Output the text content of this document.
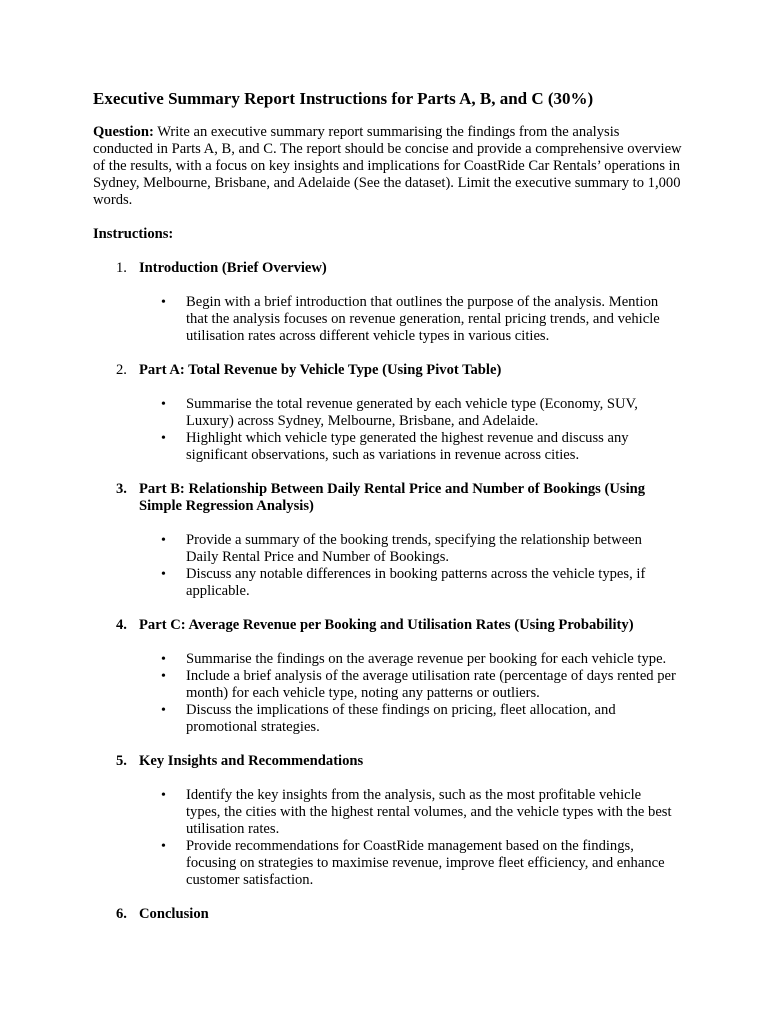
Executive Summary Report Instructions for Parts A, B, and C (30%)

Question: Write an executive summary report summarising the findings from the analysis conducted in Parts A, B, and C. The report should be concise and provide a comprehensive overview of the results, with a focus on key insights and implications for CoastRide Car Rentals’ operations in Sydney, Melbourne, Brisbane, and Adelaide (See the dataset). Limit the executive summary to 1,000 words.

Instructions:
1. Introduction (Brief Overview)
• Begin with a brief introduction that outlines the purpose of the analysis. Mention that the analysis focuses on revenue generation, rental pricing trends, and vehicle utilisation rates across different vehicle types in various cities.
2. Part A: Total Revenue by Vehicle Type (Using Pivot Table)
• Summarise the total revenue generated by each vehicle type (Economy, SUV, Luxury) across Sydney, Melbourne, Brisbane, and Adelaide.
• Highlight which vehicle type generated the highest revenue and discuss any significant observations, such as variations in revenue across cities.
3. Part B: Relationship Between Daily Rental Price and Number of Bookings (Using Simple Regression Analysis)
• Provide a summary of the booking trends, specifying the relationship between Daily Rental Price and Number of Bookings.
• Discuss any notable differences in booking patterns across the vehicle types, if applicable.
4. Part C: Average Revenue per Booking and Utilisation Rates (Using Probability)
• Summarise the findings on the average revenue per booking for each vehicle type.
• Include a brief analysis of the average utilisation rate (percentage of days rented per month) for each vehicle type, noting any patterns or outliers.
• Discuss the implications of these findings on pricing, fleet allocation, and promotional strategies.
5. Key Insights and Recommendations
• Identify the key insights from the analysis, such as the most profitable vehicle types, the cities with the highest rental volumes, and the vehicle types with the best utilisation rates.
• Provide recommendations for CoastRide management based on the findings, focusing on strategies to maximise revenue, improve fleet efficiency, and enhance customer satisfaction.
6. Conclusion
